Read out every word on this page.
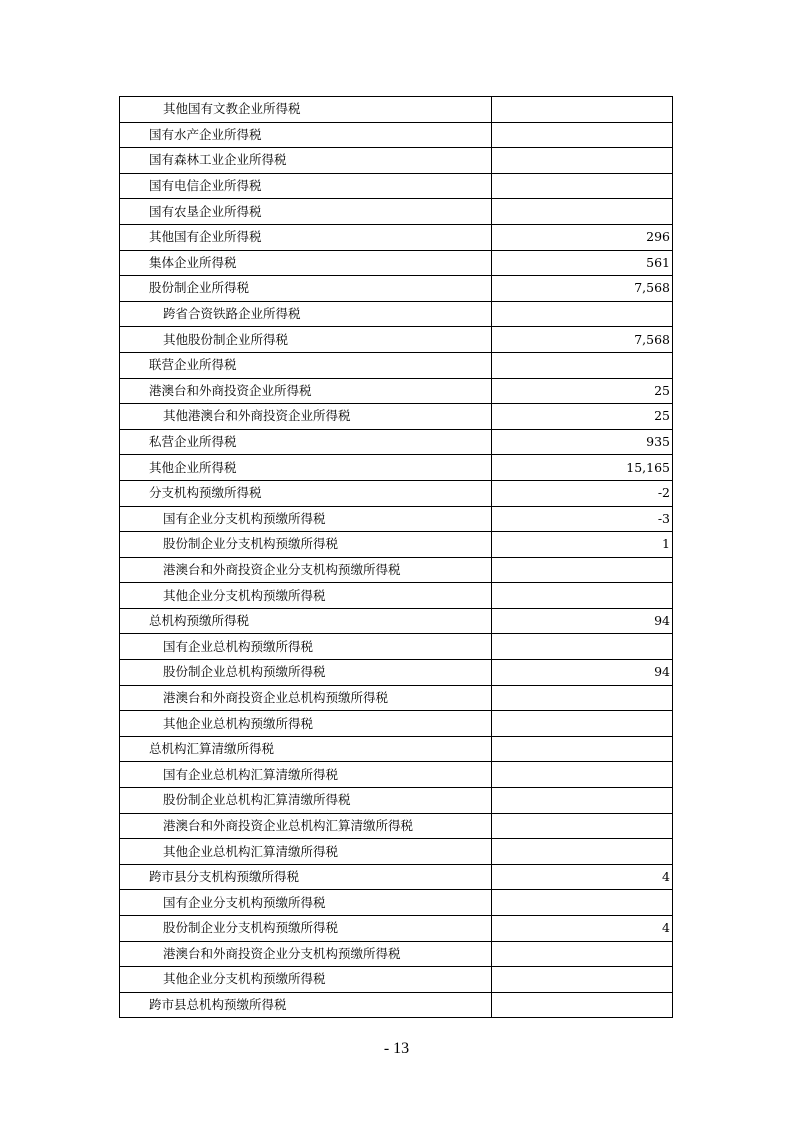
其他国有文教企业所得税	
国有水产企业所得税	
国有森林工业企业所得税	
国有电信企业所得税	
国有农垦企业所得税	
其他国有企业所得税	296
集体企业所得税	561
股份制企业所得税	7,568
跨省合资铁路企业所得税	
其他股份制企业所得税	7,568
联营企业所得税	
港澳台和外商投资企业所得税	25
其他港澳台和外商投资企业所得税	25
私营企业所得税	935
其他企业所得税	15,165
分支机构预缴所得税	-2
国有企业分支机构预缴所得税	-3
股份制企业分支机构预缴所得税	1
港澳台和外商投资企业分支机构预缴所得税	
其他企业分支机构预缴所得税	
总机构预缴所得税	94
国有企业总机构预缴所得税	
股份制企业总机构预缴所得税	94
港澳台和外商投资企业总机构预缴所得税	
其他企业总机构预缴所得税	
总机构汇算清缴所得税	
国有企业总机构汇算清缴所得税	
股份制企业总机构汇算清缴所得税	
港澳台和外商投资企业总机构汇算清缴所得税	
其他企业总机构汇算清缴所得税	
跨市县分支机构预缴所得税	4
国有企业分支机构预缴所得税	
股份制企业分支机构预缴所得税	4
港澳台和外商投资企业分支机构预缴所得税	
其他企业分支机构预缴所得税	
跨市县总机构预缴所得税	
- 13
